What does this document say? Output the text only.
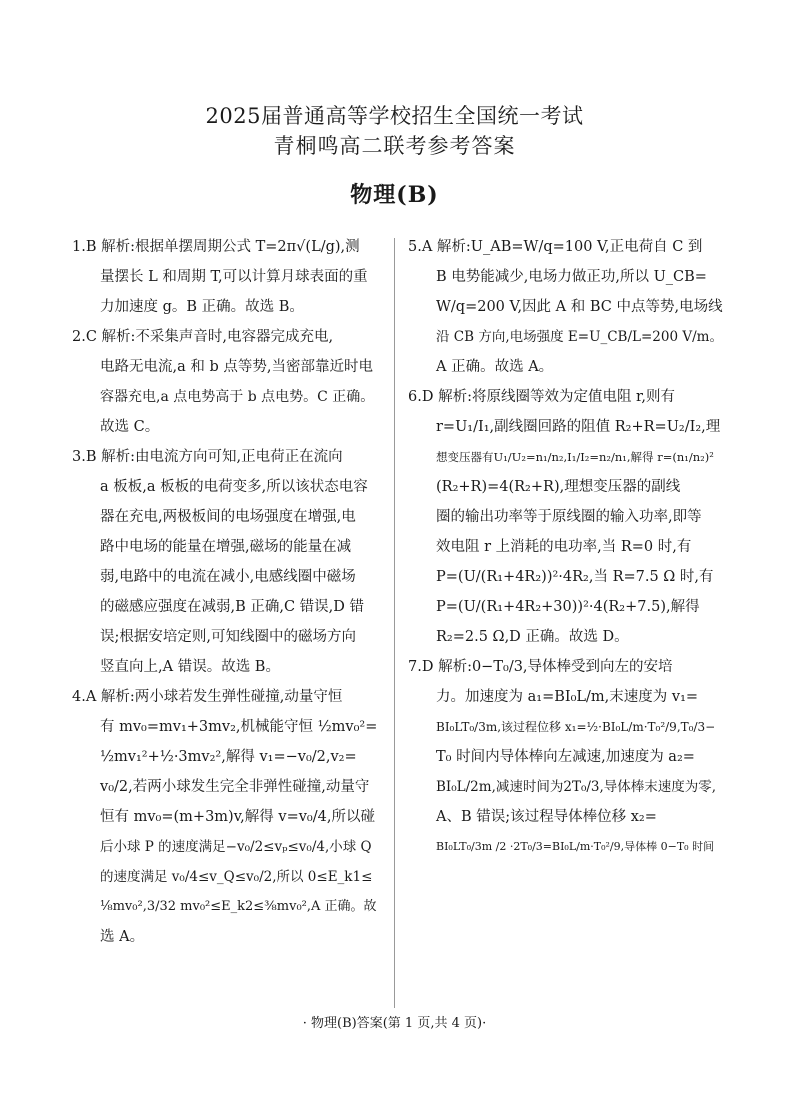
2025届普通高等学校招生全国统一考试
青桐鸣高二联考参考答案
物理(B)
1.B 解析:根据单摆周期公式 T=2π√(L/g),测
量摆长 L 和周期 T,可以计算月球表面的重
力加速度 g。B 正确。故选 B。
2.C 解析:不采集声音时,电容器完成充电,
电路无电流,a 和 b 点等势,当密部靠近时电
容器充电,a 点电势高于 b 点电势。C 正确。
故选 C。
3.B 解析:由电流方向可知,正电荷正在流向
a 板板,a 板板的电荷变多,所以该状态电容
器在充电,两极板间的电场强度在增强,电
路中电场的能量在增强,磁场的能量在减
弱,电路中的电流在减小,电感线圈中磁场
的磁感应强度在减弱,B 正确,C 错误,D 错
误;根据安培定则,可知线圈中的磁场方向
竖直向上,A 错误。故选 B。
4.A 解析:两小球若发生弹性碰撞,动量守恒
有 mv₀=mv₁+3mv₂,机械能守恒 ½mv₀²=
½mv₁²+½·3mv₂²,解得 v₁=−v₀/2,v₂=
v₀/2,若两小球发生完全非弹性碰撞,动量守
恒有 mv₀=(m+3m)v,解得 v=v₀/4,所以碰
后小球 P 的速度满足−v₀/2≤vₚ≤v₀/4,小球 Q
的速度满足 v₀/4≤v_Q≤v₀/2,所以 0≤E_k1≤
⅛mv₀²,3/32 mv₀²≤E_k2≤⅜mv₀²,A 正确。故
选 A。
5.A 解析:U_AB=W/q=100 V,正电荷自 C 到
B 电势能减少,电场力做正功,所以 U_CB=
W/q=200 V,因此 A 和 BC 中点等势,电场线
沿 CB 方向,电场强度 E=U_CB/L=200 V/m。
A 正确。故选 A。
6.D 解析:将原线圈等效为定值电阻 r,则有
r=U₁/I₁,副线圈回路的阻值 R₂+R=U₂/I₂,理
想变压器有U₁/U₂=n₁/n₂,I₁/I₂=n₂/n₁,解得 r=(n₁/n₂)²
(R₂+R)=4(R₂+R),理想变压器的副线
圈的输出功率等于原线圈的输入功率,即等
效电阻 r 上消耗的电功率,当 R=0 时,有
P=(U/(R₁+4R₂))²·4R₂,当 R=7.5 Ω 时,有
P=(U/(R₁+4R₂+30))²·4(R₂+7.5),解得
R₂=2.5 Ω,D 正确。故选 D。
7.D 解析:0−T₀/3,导体棒受到向左的安培
力。加速度为 a₁=BI₀L/m,末速度为 v₁=
BI₀LT₀/3m,该过程位移 x₁=½·BI₀L/m·T₀²/9,T₀/3−
T₀ 时间内导体棒向左减速,加速度为 a₂=
BI₀L/2m,减速时间为2T₀/3,导体棒末速度为零,
A、B 错误;该过程导体棒位移 x₂=
BI₀LT₀/3m /2 ·2T₀/3=BI₀L/m·T₀²/9,导体棒 0−T₀ 时间
· 物理(B)答案(第 1 页,共 4 页)·
